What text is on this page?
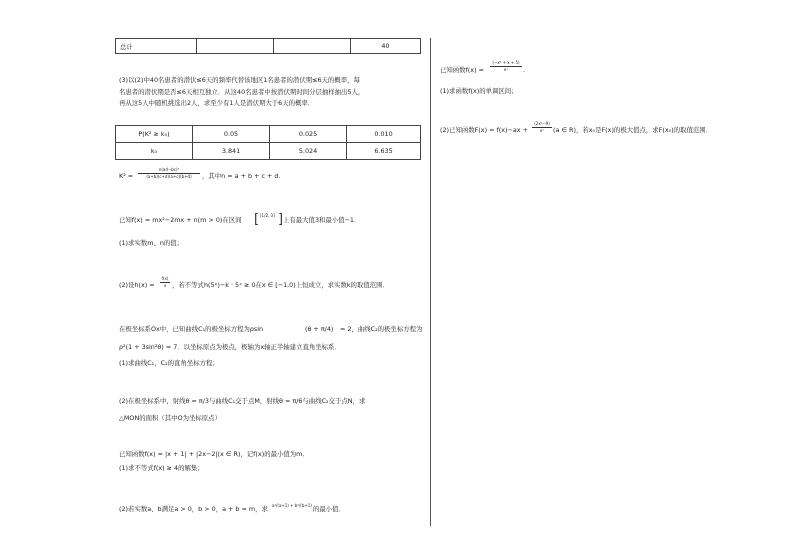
总计			40
(3)以(2)中40名患者的潜伏≤6天的频率代替该地区1名患者的潜伏期≤6天的概率，每
名患者的潜伏期是否≤6天相互独立．从这40名患者中按潜伏期时间分层抽样抽出5人，
再从这5人中随机挑选出2人，求至少有1人是潜伏期大于6天的概率．
P(K² ≥ k₀)	0.05	0.025	0.010
k₀	3.841	5.024	6.635
K² =
n(ad−bc)²
(a+b)(c+d)(a+c)(b+d)	，其中n = a + b + c + d.
已知f(x) = mx²−2mx + n(m > 0)在区间 [ [1/2, 3] ] 上有最大值3和最小值−1．
(1)求实数m、n的值；
(2)设h(x) =
f(x)
x ，若不等式h(5ˣ)−k · 5ˣ ≥ 0在x ∈ [−1,0)上恒成立，求实数k的取值范围．
在极坐标系Ox中，已知曲线C₁的极坐标方程为ρsin	(θ + π/4) = 2，曲线C₂的极坐标方程为
ρ²(1 + 3sin²θ) = 7．以坐标原点为极点，极轴为x轴正半轴建立直角坐标系．
(1)求曲线C₁，C₂的直角坐标方程；
(2)在极坐标系中，射线θ = π/3与曲线C₁交于点M，射线θ = π/6与曲线C₂交于点N，求
△MON的面积（其中O为坐标原点）
已知函数f(x) = |x + 1| + |2x−2|(x ∈ R)，记f(x)的最小值为m．
(1)求不等式f(x) ≥ 4的解集；
(2)若实数a、b满足a > 0，b > 0，a + b = m，求 a²/(a+1) + b²/(b+1) 的最小值．
已知函数f(x) =
(−x² + x + 5)
eˣ	.
(1)求函数f(x)的单调区间；
(2)已知函数F(x) = f(x)−ax +
(2x²−9)
eˣ	(a ∈ R)，若x₀是F(x)的极大值点，求F(x₀)的取值范围．
